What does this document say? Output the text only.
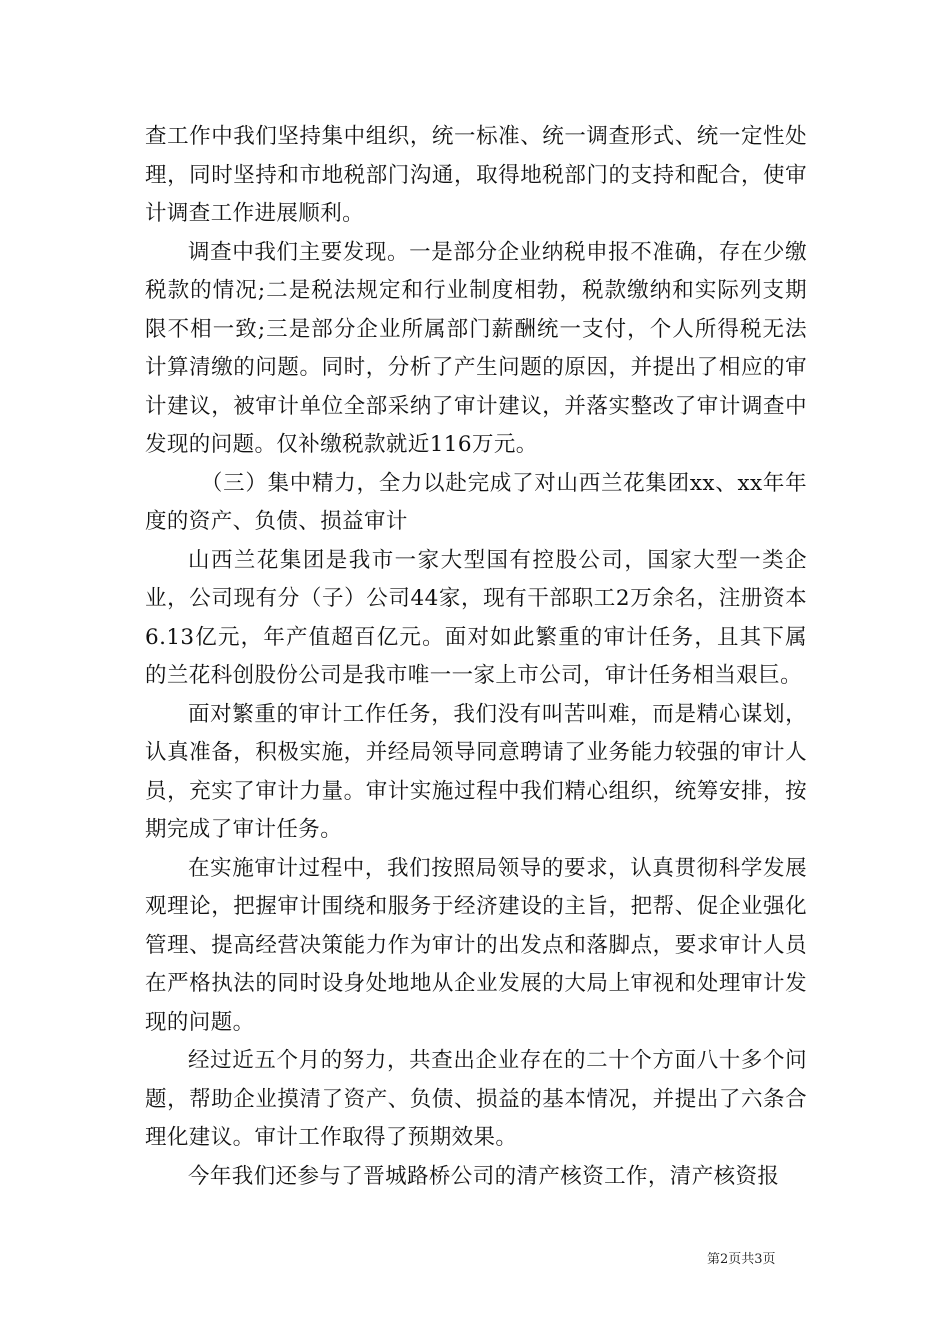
查工作中我们坚持集中组织，统一标准、统一调查形式、统一定性处理，同时坚持和市地税部门沟通，取得地税部门的支持和配合，使审计调查工作进展顺利。

调查中我们主要发现。一是部分企业纳税申报不准确，存在少缴税款的情况;二是税法规定和行业制度相勃，税款缴纳和实际列支期限不相一致;三是部分企业所属部门薪酬统一支付，个人所得税无法计算清缴的问题。同时，分析了产生问题的原因，并提出了相应的审计建议，被审计单位全部采纳了审计建议，并落实整改了审计调查中发现的问题。仅补缴税款就近116万元。

（三）集中精力，全力以赴完成了对山西兰花集团xx、xx年年度的资产、负债、损益审计

山西兰花集团是我市一家大型国有控股公司，国家大型一类企业，公司现有分（子）公司44家，现有干部职工2万余名，注册资本6.13亿元，年产值超百亿元。面对如此繁重的审计任务，且其下属的兰花科创股份公司是我市唯一一家上市公司，审计任务相当艰巨。

面对繁重的审计工作任务，我们没有叫苦叫难，而是精心谋划，认真准备，积极实施，并经局领导同意聘请了业务能力较强的审计人员，充实了审计力量。审计实施过程中我们精心组织，统筹安排，按期完成了审计任务。

在实施审计过程中，我们按照局领导的要求，认真贯彻科学发展观理论，把握审计围绕和服务于经济建设的主旨，把帮、促企业强化管理、提高经营决策能力作为审计的出发点和落脚点，要求审计人员在严格执法的同时设身处地地从企业发展的大局上审视和处理审计发现的问题。

经过近五个月的努力，共查出企业存在的二十个方面八十多个问题，帮助企业摸清了资产、负债、损益的基本情况，并提出了六条合理化建议。审计工作取得了预期效果。

今年我们还参与了晋城路桥公司的清产核资工作，清产核资报

第2页共3页
